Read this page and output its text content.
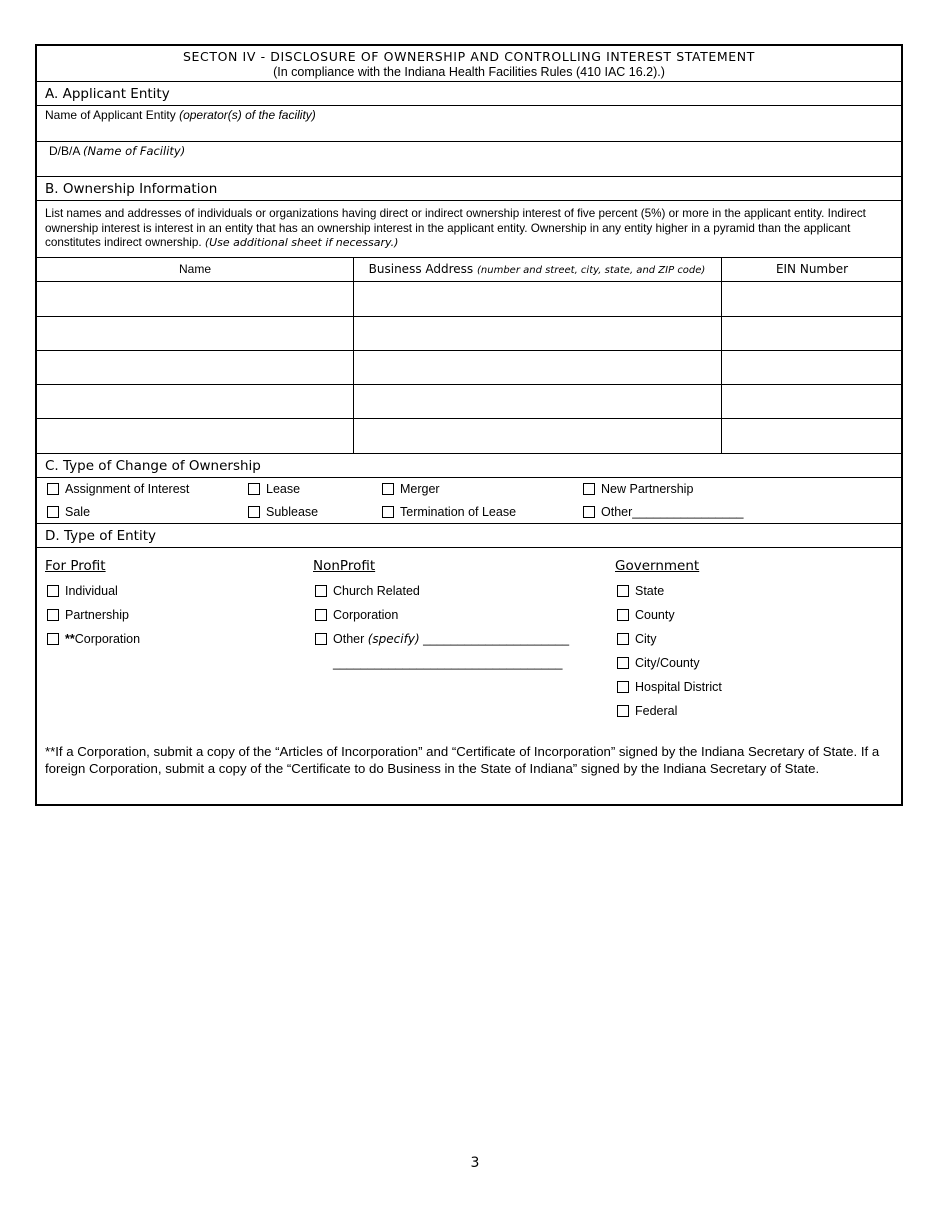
SECTON IV - DISCLOSURE OF OWNERSHIP AND CONTROLLING INTEREST STATEMENT
(In compliance with the Indiana Health Facilities Rules (410 IAC 16.2).)
A. Applicant Entity
Name of Applicant Entity (operator(s) of the facility)
D/B/A (Name of Facility)
B. Ownership Information
List names and addresses of individuals or organizations having direct or indirect ownership interest of five percent (5%) or more in the applicant entity. Indirect ownership interest is interest in an entity that has an ownership interest in the applicant entity. Ownership in any entity higher in a pyramid than the applicant constitutes indirect ownership. (Use additional sheet if necessary.)
Name	Business Address (number and street, city, state, and ZIP code)	EIN Number
C. Type of Change of Ownership
Assignment of Interest	Lease	Merger	New Partnership
Sale	Sublease	Termination of Lease	Other________________
D. Type of Entity
For Profit
Individual
Partnership
**Corporation
NonProfit
Church Related
Corporation
Other (specify) _____________________
_________________________________
Government
State
County
City
City/County
Hospital District
Federal
**If a Corporation, submit a copy of the “Articles of Incorporation” and “Certificate of Incorporation” signed by the Indiana Secretary of State. If a foreign Corporation, submit a copy of the “Certificate to do Business in the State of Indiana” signed by the Indiana Secretary of State.
3
